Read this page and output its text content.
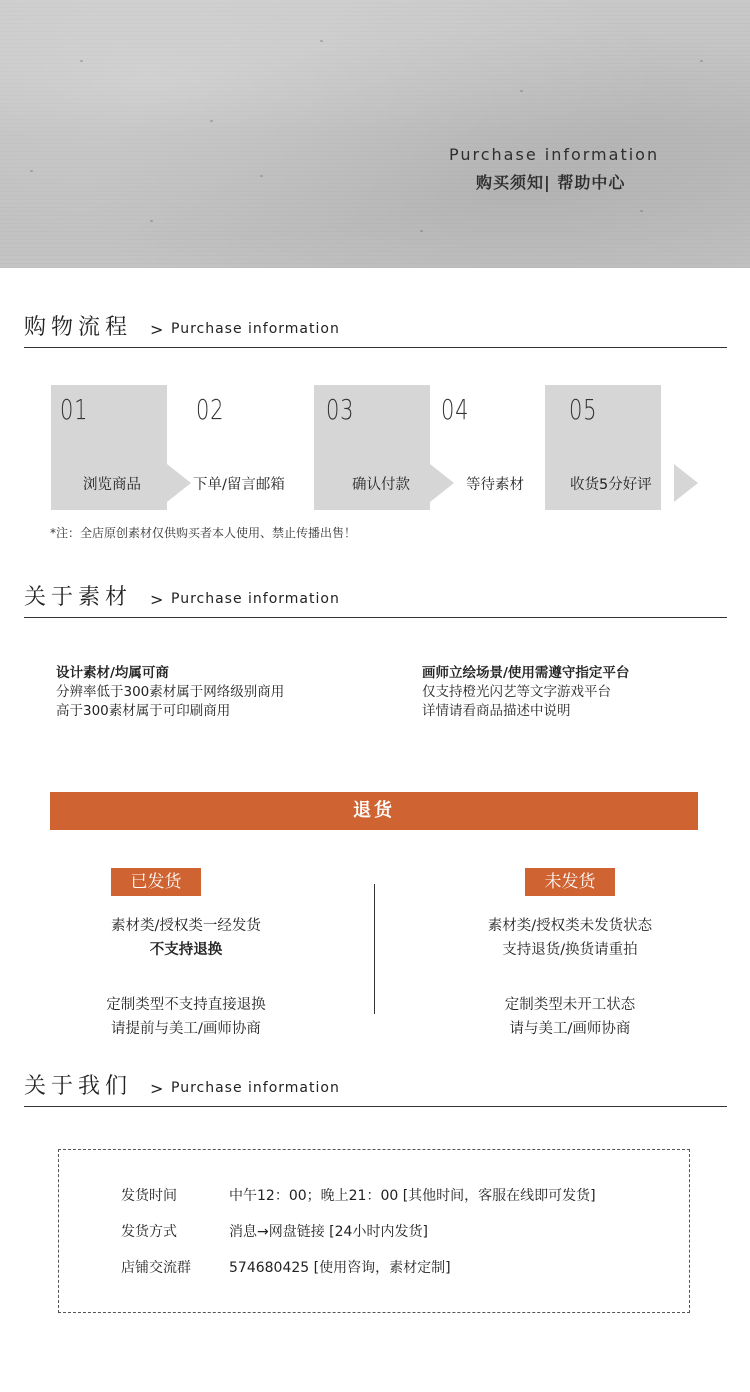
Purchase information
购买须知| 帮助中心
购物流程 > Purchase information
01	02	03	04	05
浏览商品	下单/留言邮箱	确认付款	等待素材	收货5分好评
*注：全店原创素材仅供购买者本人使用、禁止传播出售！
关于素材 > Purchase information
设计素材/均属可商
分辨率低于300素材属于网络级别商用
高于300素材属于可印刷商用
画师立绘场景/使用需遵守指定平台
仅支持橙光闪艺等文字游戏平台
详情请看商品描述中说明
退货
已发货	未发货
素材类/授权类一经发货
不支持退换
定制类型不支持直接退换
请提前与美工/画师协商
素材类/授权类未发货状态
支持退货/换货请重拍
定制类型未开工状态
请与美工/画师协商
关于我们 > Purchase information
发货时间	中午12：00；晚上21：00 [其他时间，客服在线即可发货]
发货方式	消息→网盘链接 [24小时内发货]
店铺交流群	574680425 [使用咨询，素材定制]
